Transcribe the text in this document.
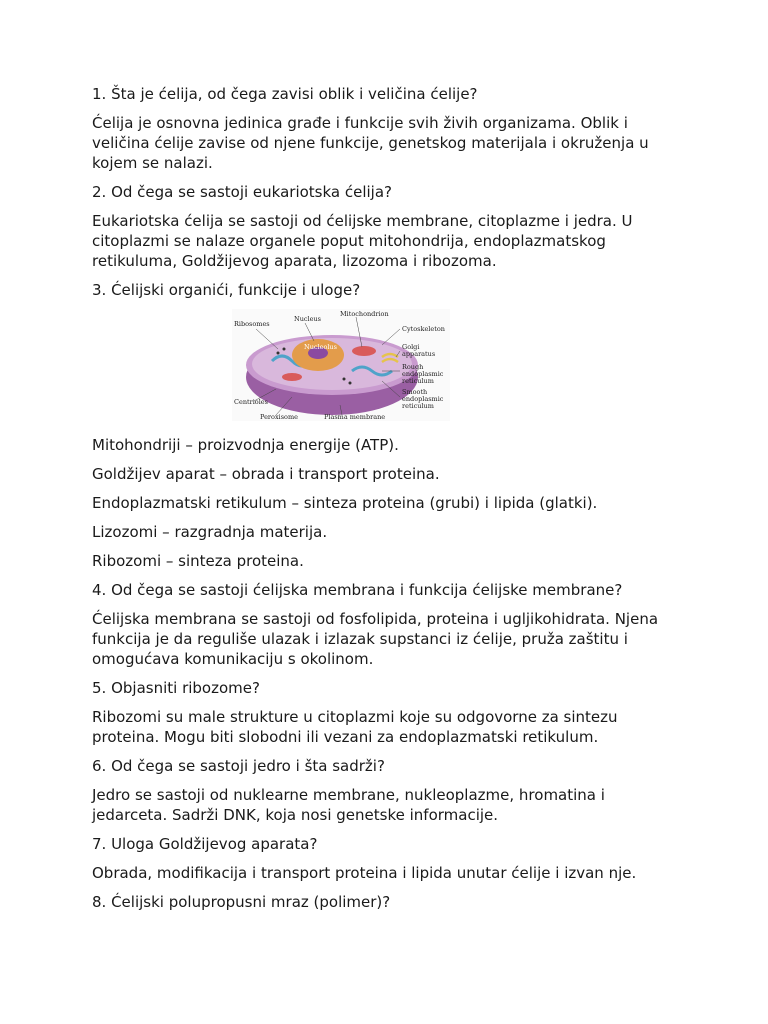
1. Šta je ćelija, od čega zavisi oblik i veličina ćelije?

Ćelija je osnovna jedinica građe i funkcije svih živih organizama. Oblik i veličina ćelije zavise od njene funkcije, genetskog materijala i okruženja u kojem se nalazi.

2. Od čega se sastoji eukariotska ćelija?

Eukariotska ćelija se sastoji od ćelijske membrane, citoplazme i jedra. U citoplazmi se nalaze organele poput mitohondrija, endoplazmatskog retikuluma, Goldžijevog aparata, lizozoma i ribozoma.

3. Ćelijski organići, funkcije i uloge?

Ribosomes
Nucleus
Mitochondrion
Nucleolus
Cytoskeleton
Golgi
apparatus
Rough
endoplasmic
reticulum
Smooth
endoplasmic
reticulum
Centrioles
Peroxisome	Plasma membrane

Mitohondriji – proizvodnja energije (ATP).

Goldžijev aparat – obrada i transport proteina.

Endoplazmatski retikulum – sinteza proteina (grubi) i lipida (glatki).

Lizozomi – razgradnja materija.

Ribozomi – sinteza proteina.

4. Od čega se sastoji ćelijska membrana i funkcija ćelijske membrane?

Ćelijska membrana se sastoji od fosfolipida, proteina i ugljikohidrata. Njena funkcija je da reguliše ulazak i izlazak supstanci iz ćelije, pruža zaštitu i omogućava komunikaciju s okolinom.

5. Objasniti ribozome?

Ribozomi su male strukture u citoplazmi koje su odgovorne za sintezu proteina. Mogu biti slobodni ili vezani za endoplazmatski retikulum.

6. Od čega se sastoji jedro i šta sadrži?

Jedro se sastoji od nuklearne membrane, nukleoplazme, hromatina i jedarceta. Sadrži DNK, koja nosi genetske informacije.

7. Uloga Goldžijevog aparata?

Obrada, modifikacija i transport proteina i lipida unutar ćelije i izvan nje.

8. Ćelijski polupropusni mraz (polimer)?
